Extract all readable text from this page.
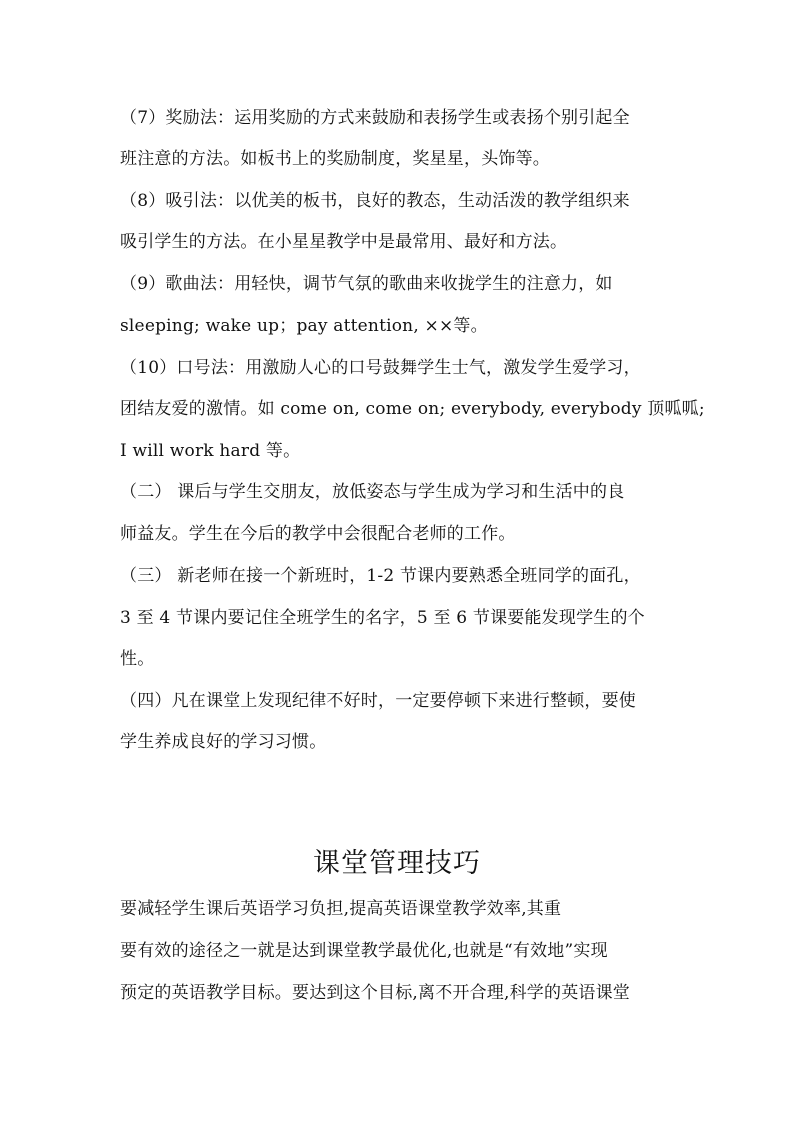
（7）奖励法：运用奖励的方式来鼓励和表扬学生或表扬个别引起全
班注意的方法。如板书上的奖励制度，奖星星，头饰等。
（8）吸引法：以优美的板书，良好的教态，生动活泼的教学组织来
吸引学生的方法。在小星星教学中是最常用、最好和方法。
（9）歌曲法：用轻快，调节气氛的歌曲来收拢学生的注意力，如
sleeping; wake up；pay attention, ××等。
（10）口号法：用激励人心的口号鼓舞学生士气，激发学生爱学习，
团结友爱的激情。如 come on, come on; everybody, everybody 顶呱呱;
I will work hard 等。
（二） 课后与学生交朋友，放低姿态与学生成为学习和生活中的良
师益友。学生在今后的教学中会很配合老师的工作。
（三） 新老师在接一个新班时，1-2 节课内要熟悉全班同学的面孔，
3 至 4 节课内要记住全班学生的名字，5 至 6 节课要能发现学生的个
性。
（四）凡在课堂上发现纪律不好时，一定要停顿下来进行整顿，要使
学生养成良好的学习习惯。
课堂管理技巧
要减轻学生课后英语学习负担,提高英语课堂教学效率,其重
要有效的途径之一就是达到课堂教学最优化,也就是“有效地”实现
预定的英语教学目标。要达到这个目标,离不开合理,科学的英语课堂
